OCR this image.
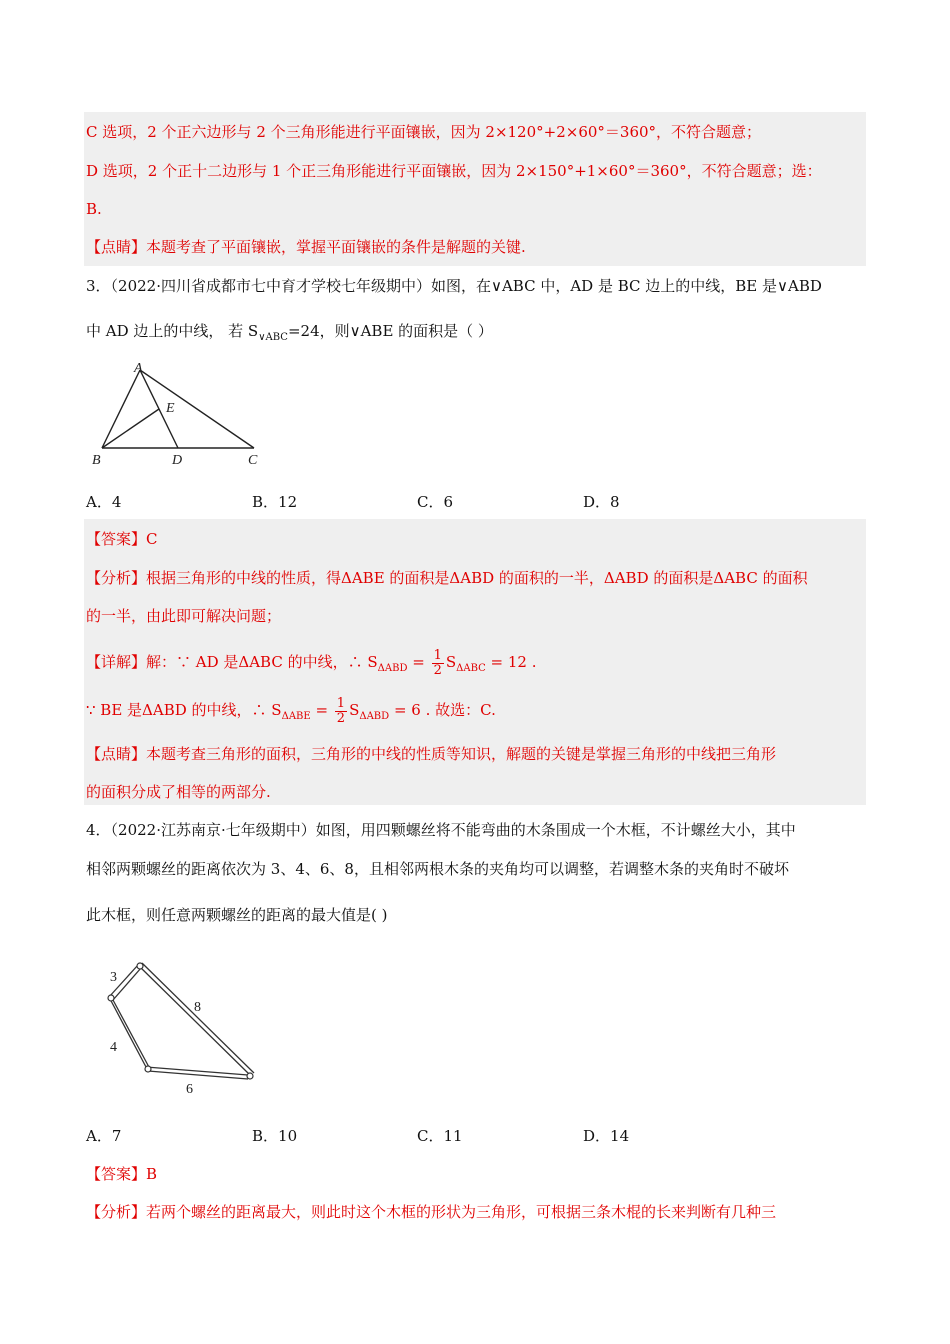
C 选项，2 个正六边形与 2 个三角形能进行平面镶嵌，因为 2×120°+2×60°＝360°，不符合题意；
D 选项，2 个正十二边形与 1 个正三角形能进行平面镶嵌，因为 2×150°+1×60°＝360°，不符合题意；选：
B.
【点睛】本题考查了平面镶嵌，掌握平面镶嵌的条件是解题的关键.
3．（2022·四川省成都市七中育才学校七年级期中）如图，在∨ABC 中，AD 是 BC 边上的中线，BE 是∨ABD
中 AD 边上的中线， 若 $S_{\vee ABC}=24$，则∨ABE 的面积是（ ）
A
E
B	D	C
A．4	B．12	C．6	D．8
【答案】C
【分析】根据三角形的中线的性质，得ΔABE 的面积是ΔABD 的面积的一半，ΔABD 的面积是ΔABC 的面积
的一半，由此即可解决问题；
【详解】解：∵ AD 是ΔABC 的中线，∴ $S_{\Delta ABD} = \frac{1}{2} S_{\Delta ABC} = 12$ .
∵ BE 是ΔABD 的中线，∴ $S_{\Delta ABE} = \frac{1}{2} S_{\Delta ABD} = 6$ . 故选：C.
【点睛】本题考查三角形的面积，三角形的中线的性质等知识，解题的关键是掌握三角形的中线把三角形
的面积分成了相等的两部分.
4．（2022·江苏南京·七年级期中）如图，用四颗螺丝将不能弯曲的木条围成一个木框，不计螺丝大小，其中
相邻两颗螺丝的距离依次为 3、4、6、8，且相邻两根木条的夹角均可以调整，若调整木条的夹角时不破坏
此木框，则任意两颗螺丝的距离的最大值是( )
3
8
4
6
A．7	B．10	C．11	D．14
【答案】B
【分析】若两个螺丝的距离最大，则此时这个木框的形状为三角形，可根据三条木棍的长来判断有几种三
